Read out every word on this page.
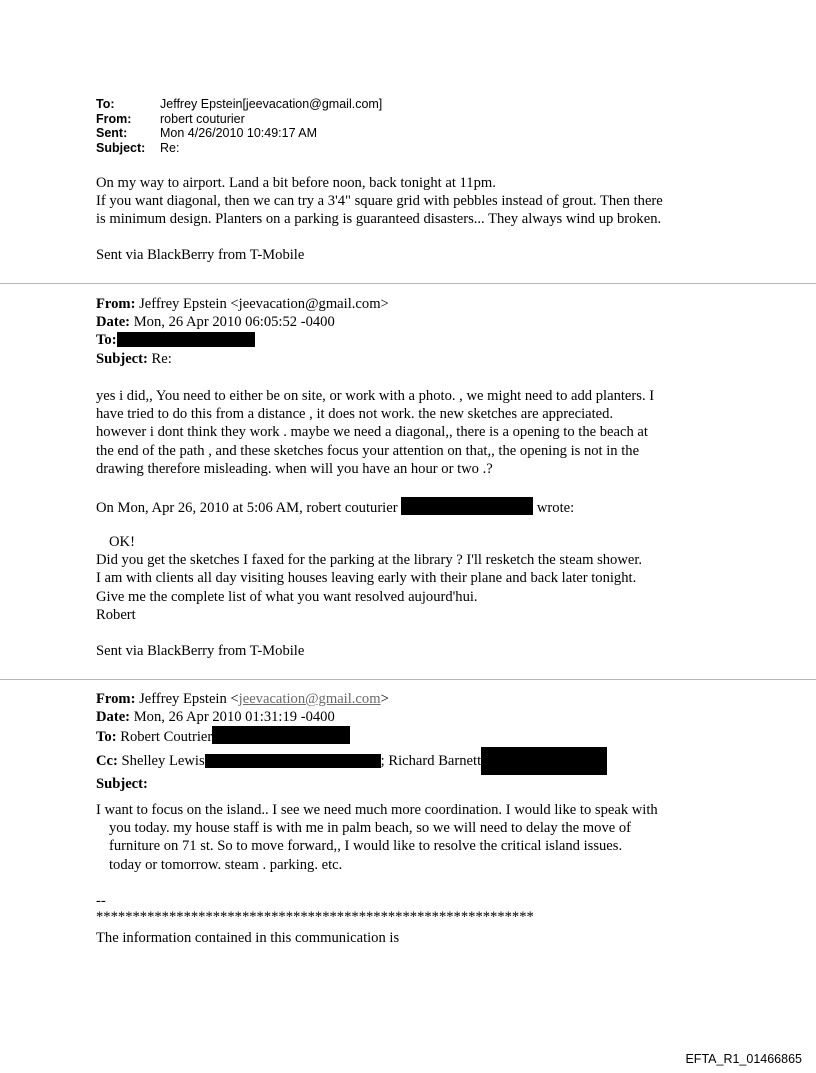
To:	Jeffrey Epstein[jeevacation@gmail.com]
From:	robert couturier
Sent:	Mon 4/26/2010 10:49:17 AM
Subject:	Re:
On my way to airport. Land a bit before noon, back tonight at 11pm.
If you want diagonal, then we can try a 3'4" square grid with pebbles instead of grout. Then there
is minimum design. Planters on a parking is guaranteed disasters... They always wind up broken.
Sent via BlackBerry from T-Mobile
From: Jeffrey Epstein <jeevacation@gmail.com>
Date: Mon, 26 Apr 2010 06:05:52 -0400
To:
Subject: Re:
yes i did,, You need to either be on site, or work with a photo. , we might need to add planters. I
have tried to do this from a distance , it does not work. the new sketches are appreciated.
however i dont think they work . maybe we need a diagonal,, there is a opening to the beach at
the end of the path , and these sketches focus your attention on that,, the opening is not in the
drawing therefore misleading. when will you have an hour or two .?
On Mon, Apr 26, 2010 at 5:06 AM, robert couturier	wrote:
OK!
Did you get the sketches I faxed for the parking at the library ? I'll resketch the steam shower.
I am with clients all day visiting houses leaving early with their plane and back later tonight.
Give me the complete list of what you want resolved aujourd'hui.
Robert
Sent via BlackBerry from T-Mobile
From: Jeffrey Epstein <jeevacation@gmail.com>
Date: Mon, 26 Apr 2010 01:31:19 -0400
To: Robert Coutrier
Cc: Shelley Lewis	; Richard Barnett
Subject:
I want to focus on the island.. I see we need much more coordination. I would like to speak with
you today. my house staff is with me in palm beach, so we will need to delay the move of
furniture on 71 st. So to move forward,, I would like to resolve the critical island issues.
today or tomorrow. steam . parking. etc.
--
************************************************************
The information contained in this communication is
EFTA_R1_01466865
